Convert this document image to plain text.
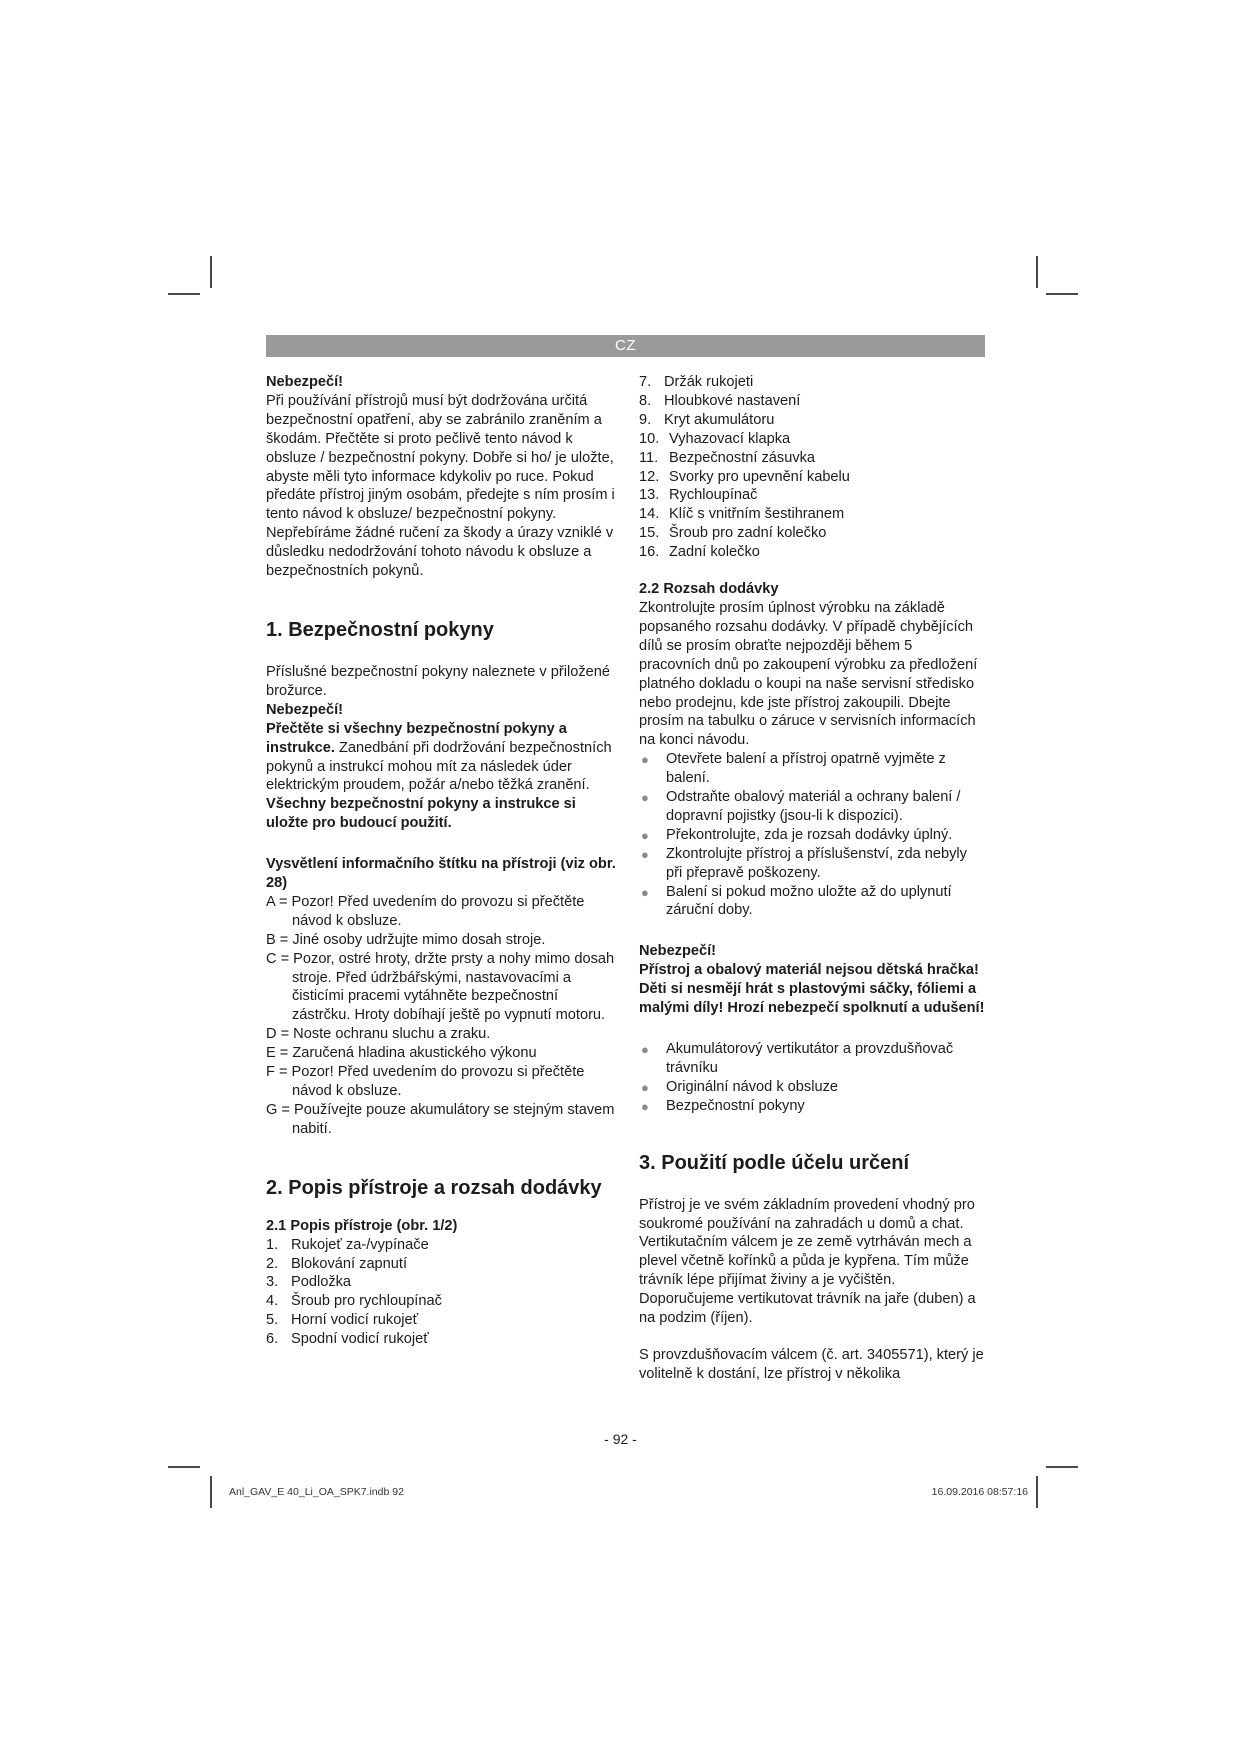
CZ
Nebezpečí!

Při používání přístrojů musí být dodržována určitá bezpečnostní opatření, aby se zabránilo zraněním a škodám. Přečtěte si proto pečlivě tento návod k obsluze / bezpečnostní pokyny. Dobře si ho/ je uložte, abyste měli tyto informace kdykoliv po ruce. Pokud předáte přístroj jiným osobám, předejte s ním prosím i tento návod k obsluze/ bezpečnostní pokyny. Nepřebíráme žádné ručení za škody a úrazy vzniklé v důsledku nedodržování tohoto návodu k obsluze a bezpečnostních pokynů.

1. Bezpečnostní pokyny

Příslušné bezpečnostní pokyny naleznete v přiložené brožurce.

Nebezpečí!

Přečtěte si všechny bezpečnostní pokyny a instrukce. Zanedbání při dodržování bezpečnostních pokynů a instrukcí mohou mít za následek úder elektrickým proudem, požár a/nebo těžká zranění. Všechny bezpečnostní pokyny a instrukce si uložte pro budoucí použití.

Vysvětlení informačního štítku na přístroji (viz obr. 28)
A = Pozor! Před uvedením do provozu si přečtěte návod k obsluze.
B = Jiné osoby udržujte mimo dosah stroje.
C = Pozor, ostré hroty, držte prsty a nohy mimo dosah stroje. Před údržbářskými, nastavovacími a čisticími pracemi vytáhněte bezpečnostní zástrčku. Hroty dobíhají ještě po vypnutí motoru.
D = Noste ochranu sluchu a zraku.
E = Zaručená hladina akustického výkonu
F = Pozor! Před uvedením do provozu si přečtěte návod k obsluze.
G = Používejte pouze akumulátory se stejným stavem nabití.
2. Popis přístroje a rozsah dodávky
2.1 Popis přístroje (obr. 1/2)
1. Rukojeť za-/vypínače
2. Blokování zapnutí
3. Podložka
4. Šroub pro rychloupínač
5. Horní vodicí rukojeť
6. Spodní vodicí rukojeť
7. Držák rukojeti
8. Hloubkové nastavení
9. Kryt akumulátoru
10. Vyhazovací klapka
11. Bezpečnostní zásuvka
12. Svorky pro upevnění kabelu
13. Rychloupínač
14. Klíč s vnitřním šestihranem
15. Šroub pro zadní kolečko
16. Zadní kolečko
2.2 Rozsah dodávky

Zkontrolujte prosím úplnost výrobku na základě popsaného rozsahu dodávky. V případě chybějících dílů se prosím obraťte nejpozději během 5 pracovních dnů po zakoupení výrobku za předložení platného dokladu o koupi na naše servisní středisko nebo prodejnu, kde jste přístroj zakoupili. Dbejte prosím na tabulku o záruce v servisních informacích na konci návodu.

● Otevřete balení a přístroj opatrně vyjměte z balení.
● Odstraňte obalový materiál a ochrany balení / dopravní pojistky (jsou-li k dispozici).
● Překontrolujte, zda je rozsah dodávky úplný.
● Zkontrolujte přístroj a příslušenství, zda nebyly při přepravě poškozeny.
● Balení si pokud možno uložte až do uplynutí záruční doby.
Nebezpečí!

Přístroj a obalový materiál nejsou dětská hračka! Děti si nesmějí hrát s plastovými sáčky, fóliemi a malými díly! Hrozí nebezpečí spolknutí a udušení!

● Akumulátorový vertikutátor a provzdušňovač trávníku
● Originální návod k obsluze
● Bezpečnostní pokyny
3. Použití podle účelu určení

Přístroj je ve svém základním provedení vhodný pro soukromé používání na zahradách u domů a chat. Vertikutačním válcem je ze země vytrháván mech a plevel včetně kořínků a půda je kypřena. Tím může trávník lépe přijímat živiny a je vyčištěn. Doporučujeme vertikutovat trávník na jaře (duben) a na podzim (říjen).

S provzdušňovacím válcem (č. art. 3405571), který je volitelně k dostání, lze přístroj v několika

- 92 -
Anl_GAV_E 40_Li_OA_SPK7.indb 92	16.09.2016 08:57:16
